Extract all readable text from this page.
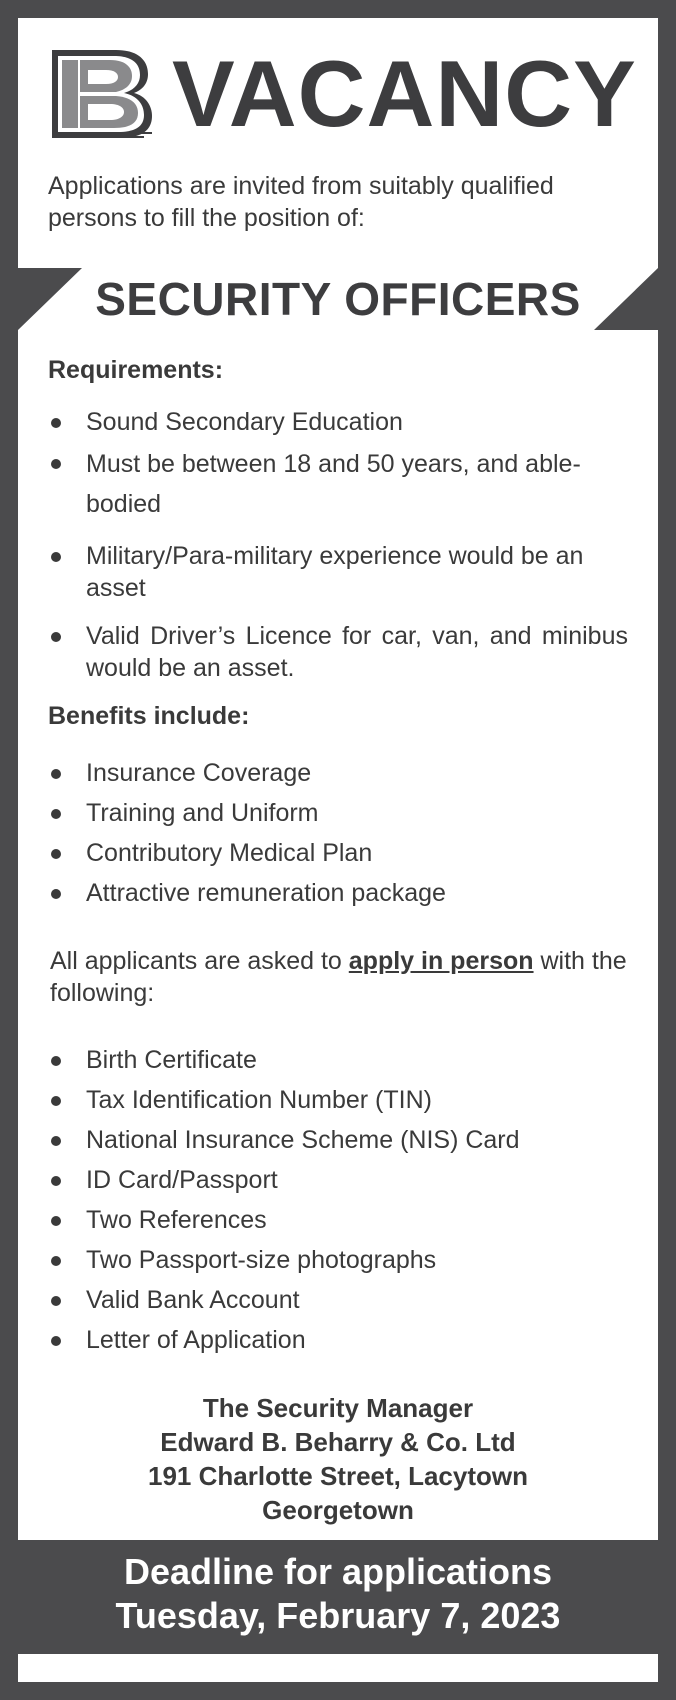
VACANCY
Applications are invited from suitably qualified persons to fill the position of:
SECURITY OFFICERS
Requirements:
Sound Secondary Education
Must be between 18 and 50 years, and able-bodied
Military/Para-military experience would be an asset
Valid Driver’s Licence for car, van, and minibus would be an asset.
Benefits include:
Insurance Coverage
Training and Uniform
Contributory Medical Plan
Attractive remuneration package
All applicants are asked to apply in person with the following:
Birth Certificate
Tax Identification Number (TIN)
National Insurance Scheme (NIS) Card
ID Card/Passport
Two References
Two Passport-size photographs
Valid Bank Account
Letter of Application
The Security Manager
Edward B. Beharry & Co. Ltd
191 Charlotte Street, Lacytown
Georgetown
Deadline for applications
Tuesday, February 7, 2023
